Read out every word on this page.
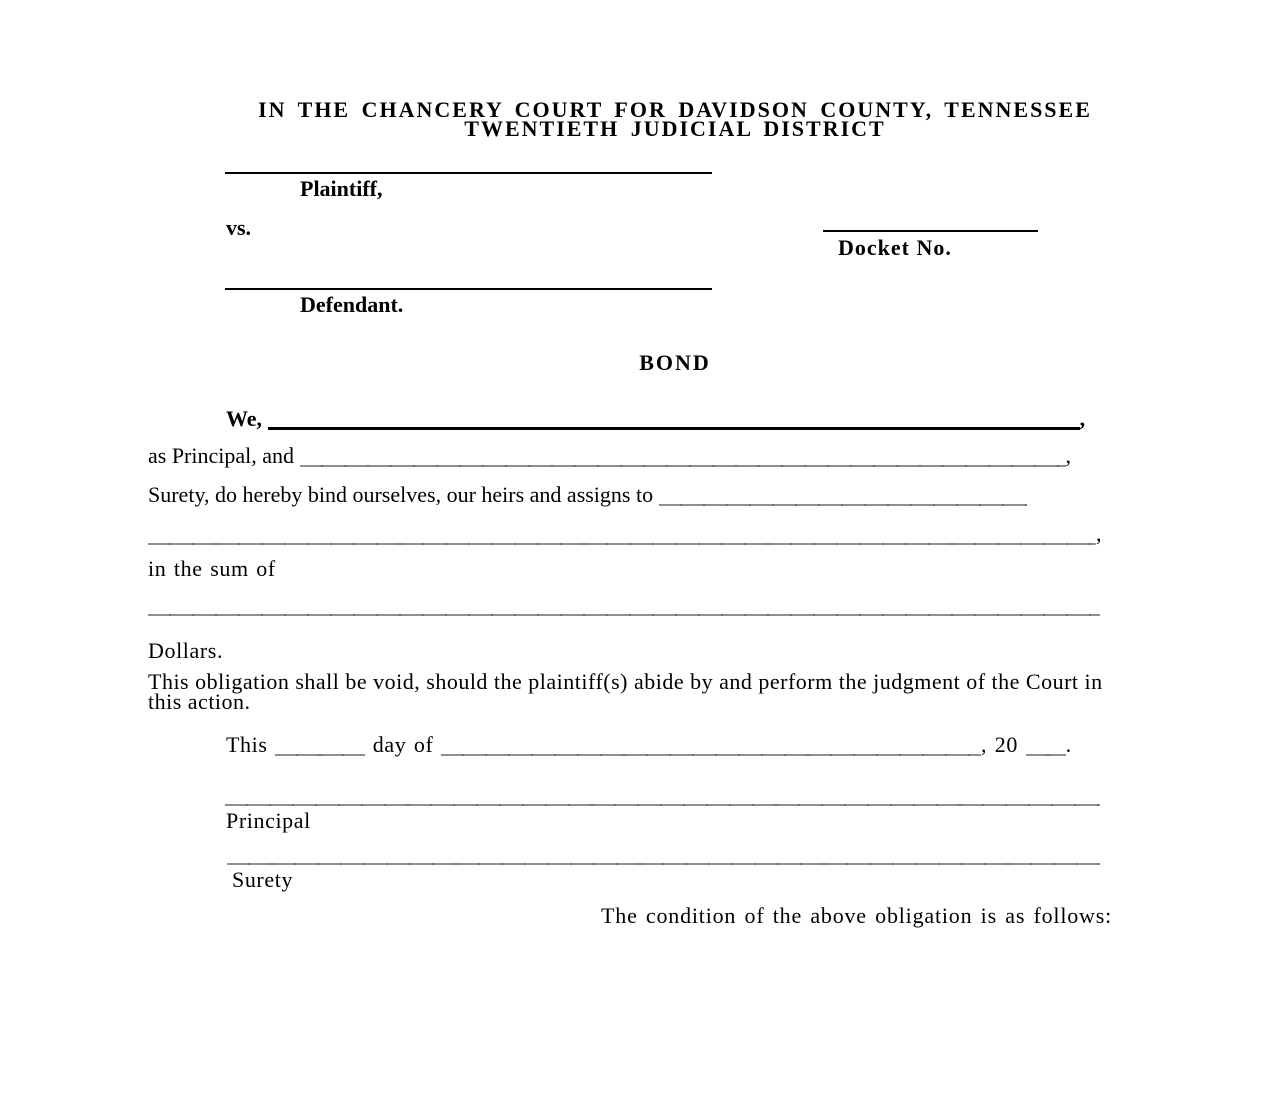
IN THE CHANCERY COURT FOR DAVIDSON COUNTY, TENNESSEE
TWENTIETH JUDICIAL DISTRICT
Plaintiff,
vs.
Docket No.
Defendant.
BOND
We,	,
as Principal, and	,
Surety, do hereby bind ourselves, our heirs and assigns to
,
in the sum of
Dollars.
This obligation shall be void, should the plaintiff(s) abide by and perform the judgment of the Court in this action.
This	day of	, 20 .
Principal
Surety
The condition of the above obligation is as follows:
